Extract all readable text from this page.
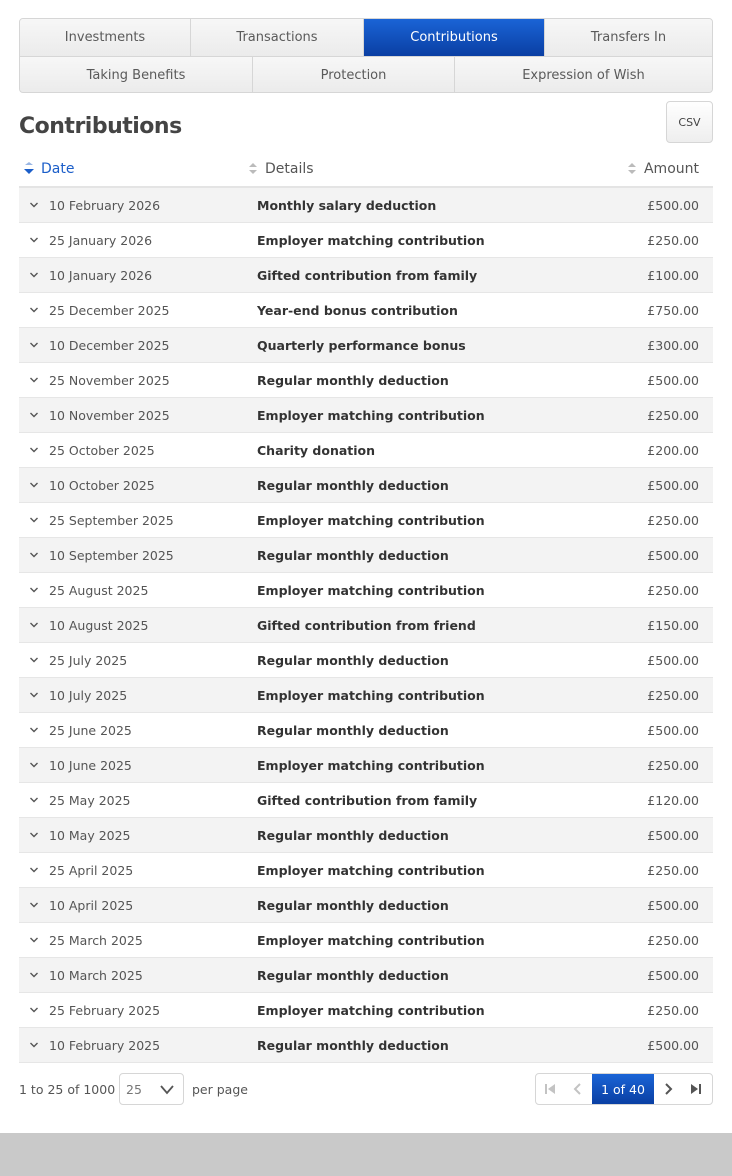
Investments	Transactions	Contributions	Transfers In
Taking Benefits	Protection	Expression of Wish
Contributions	CSV
Date	Details	Amount
10 February 2026	Monthly salary deduction	£500.00
25 January 2026	Employer matching contribution	£250.00
10 January 2026	Gifted contribution from family	£100.00
25 December 2025	Year-end bonus contribution	£750.00
10 December 2025	Quarterly performance bonus	£300.00
25 November 2025	Regular monthly deduction	£500.00
10 November 2025	Employer matching contribution	£250.00
25 October 2025	Charity donation	£200.00
10 October 2025	Regular monthly deduction	£500.00
25 September 2025	Employer matching contribution	£250.00
10 September 2025	Regular monthly deduction	£500.00
25 August 2025	Employer matching contribution	£250.00
10 August 2025	Gifted contribution from friend	£150.00
25 July 2025	Regular monthly deduction	£500.00
10 July 2025	Employer matching contribution	£250.00
25 June 2025	Regular monthly deduction	£500.00
10 June 2025	Employer matching contribution	£250.00
25 May 2025	Gifted contribution from family	£120.00
10 May 2025	Regular monthly deduction	£500.00
25 April 2025	Employer matching contribution	£250.00
10 April 2025	Regular monthly deduction	£500.00
25 March 2025	Employer matching contribution	£250.00
10 March 2025	Regular monthly deduction	£500.00
25 February 2025	Employer matching contribution	£250.00
10 February 2025	Regular monthly deduction	£500.00
1 to 25 of 1000 25	per page	1 of 40
